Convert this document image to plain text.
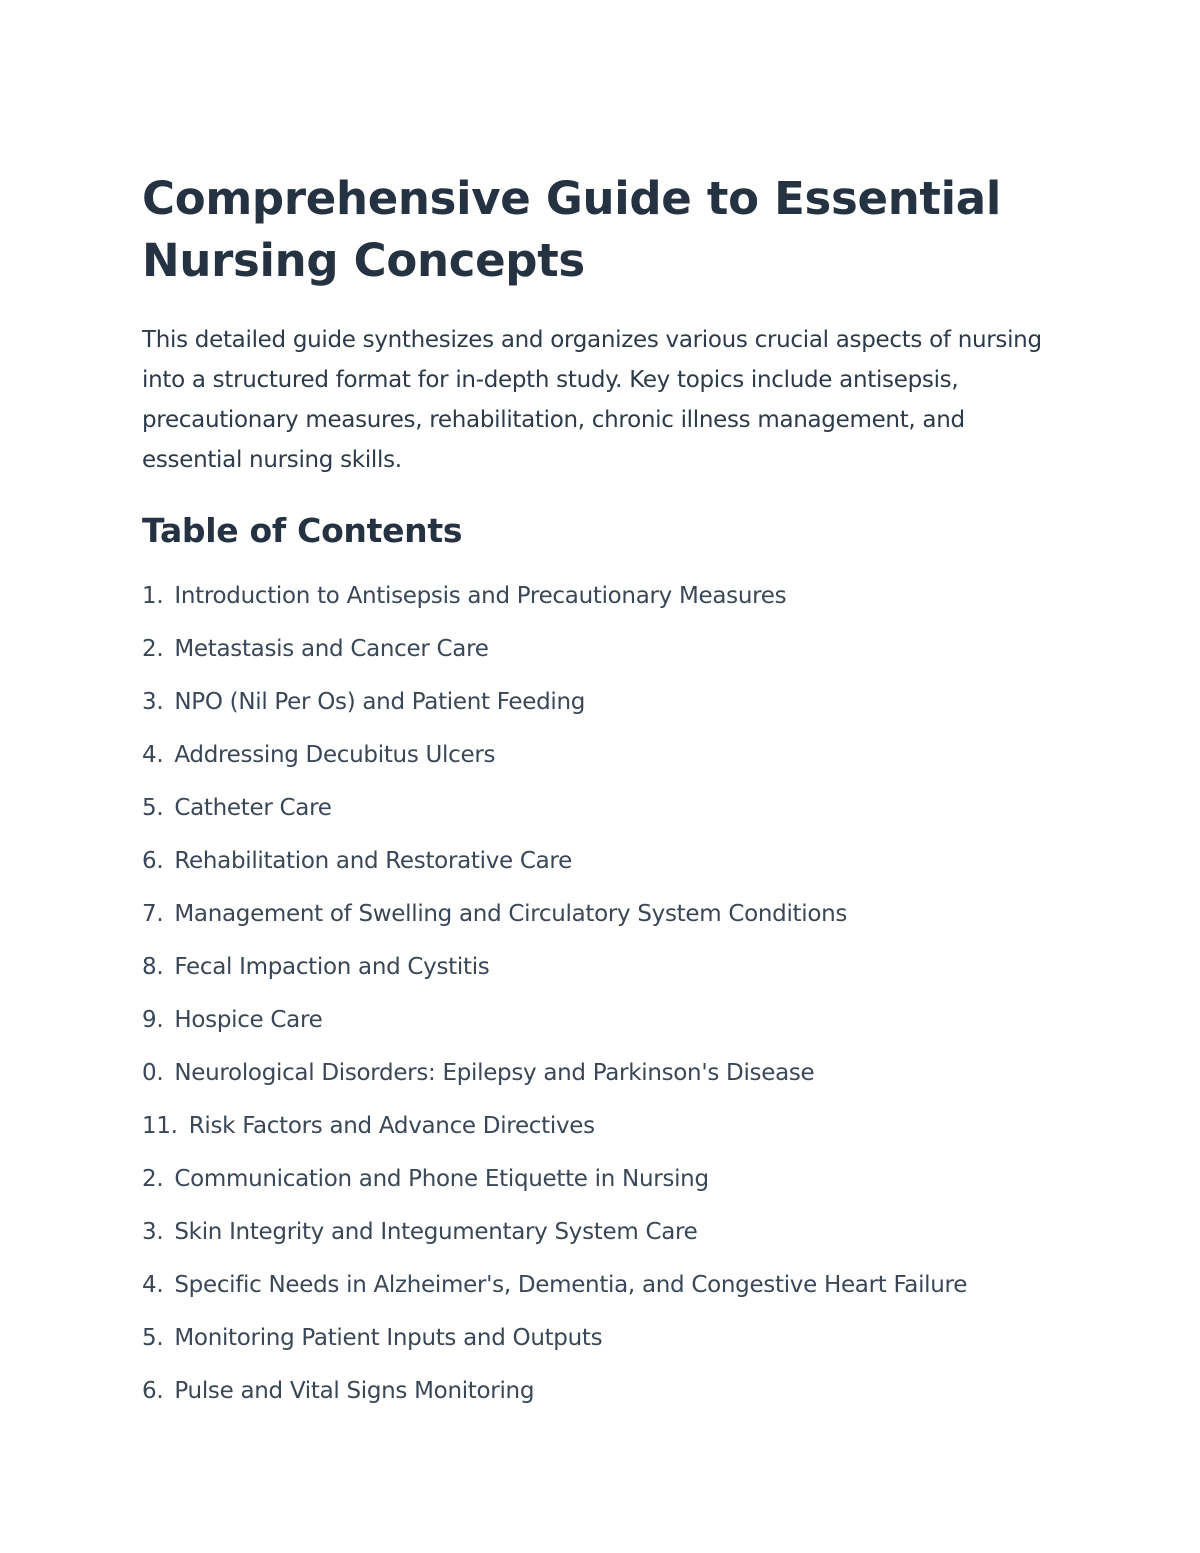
Comprehensive Guide to Essential Nursing Concepts

This detailed guide synthesizes and organizes various crucial aspects of nursing into a structured format for in-depth study. Key topics include antisepsis, precautionary measures, rehabilitation, chronic illness management, and essential nursing skills.

Table of Contents
1. Introduction to Antisepsis and Precautionary Measures
2. Metastasis and Cancer Care
3. NPO (Nil Per Os) and Patient Feeding
4. Addressing Decubitus Ulcers
5. Catheter Care
6. Rehabilitation and Restorative Care
7. Management of Swelling and Circulatory System Conditions
8. Fecal Impaction and Cystitis
9. Hospice Care
0. Neurological Disorders: Epilepsy and Parkinson's Disease
11. Risk Factors and Advance Directives
2. Communication and Phone Etiquette in Nursing
3. Skin Integrity and Integumentary System Care
4. Specific Needs in Alzheimer's, Dementia, and Congestive Heart Failure
5. Monitoring Patient Inputs and Outputs
6. Pulse and Vital Signs Monitoring
